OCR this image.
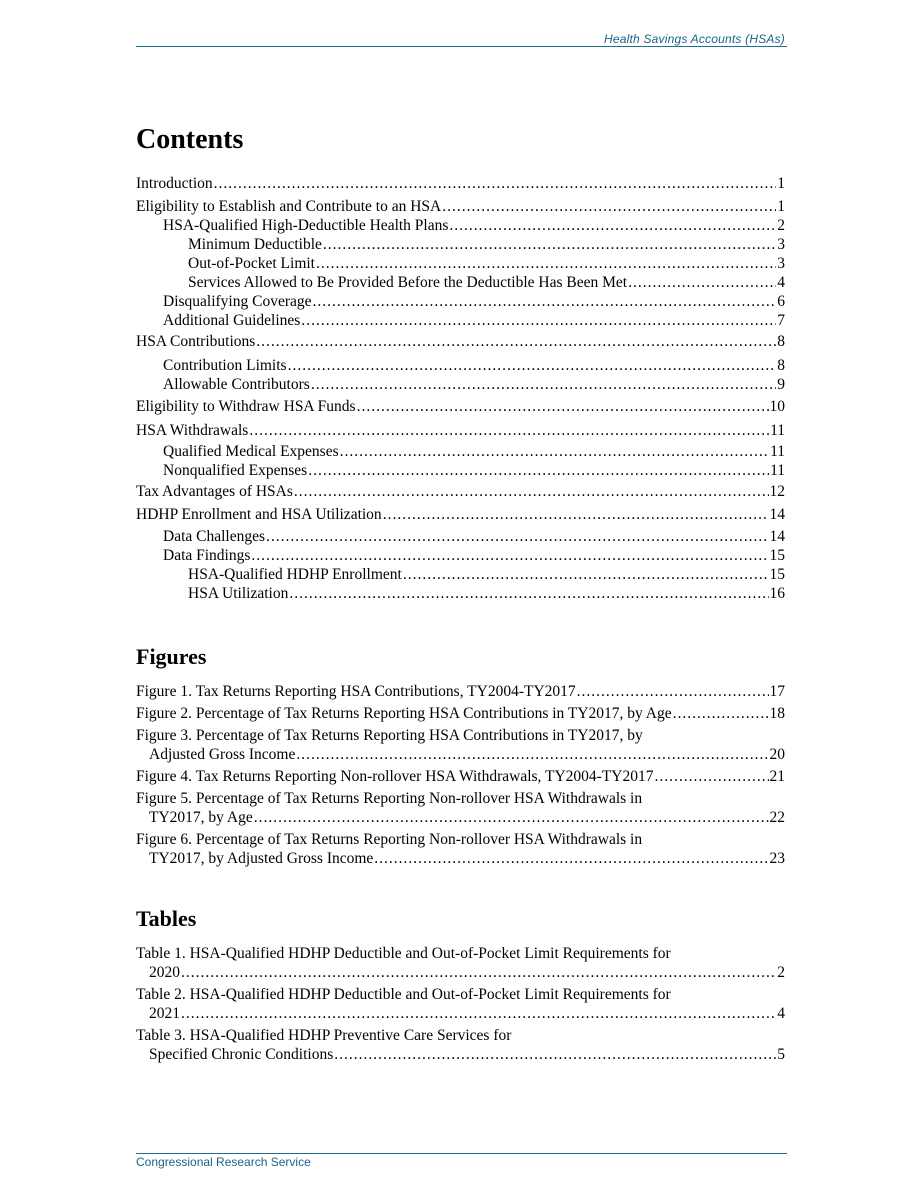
Health Savings Accounts (HSAs)
Contents
Introduction .....	1
Eligibility to Establish and Contribute to an HSA .....	1
HSA-Qualified High-Deductible Health Plans .....	2
Minimum Deductible .....	3
Out-of-Pocket Limit .....	3
Services Allowed to Be Provided Before the Deductible Has Been Met .....	4
Disqualifying Coverage .....	6
Additional Guidelines .....	7
HSA Contributions .....	8
Contribution Limits .....	8
Allowable Contributors .....	9
Eligibility to Withdraw HSA Funds .....	10
HSA Withdrawals .....	11
Qualified Medical Expenses .....	11
Nonqualified Expenses .....	11
Tax Advantages of HSAs .....	12
HDHP Enrollment and HSA Utilization .....	14
Data Challenges .....	14
Data Findings .....	15
HSA-Qualified HDHP Enrollment .....	15
HSA Utilization .....	16
Figures
Figure 1. Tax Returns Reporting HSA Contributions, TY2004-TY2017 .....	17
Figure 2. Percentage of Tax Returns Reporting HSA Contributions in TY2017, by Age .....	18
Figure 3. Percentage of Tax Returns Reporting HSA Contributions in TY2017, by
Adjusted Gross Income .....	20
Figure 4. Tax Returns Reporting Non-rollover HSA Withdrawals, TY2004-TY2017 .....	21
Figure 5. Percentage of Tax Returns Reporting Non-rollover HSA Withdrawals in
TY2017, by Age .....	22
Figure 6. Percentage of Tax Returns Reporting Non-rollover HSA Withdrawals in
TY2017, by Adjusted Gross Income .....	23
Tables
Table 1. HSA-Qualified HDHP Deductible and Out-of-Pocket Limit Requirements for
2020 .....	2
Table 2. HSA-Qualified HDHP Deductible and Out-of-Pocket Limit Requirements for
2021 .....	4
Table 3. HSA-Qualified HDHP Preventive Care Services for
Specified Chronic Conditions .....	5
Congressional Research Service
